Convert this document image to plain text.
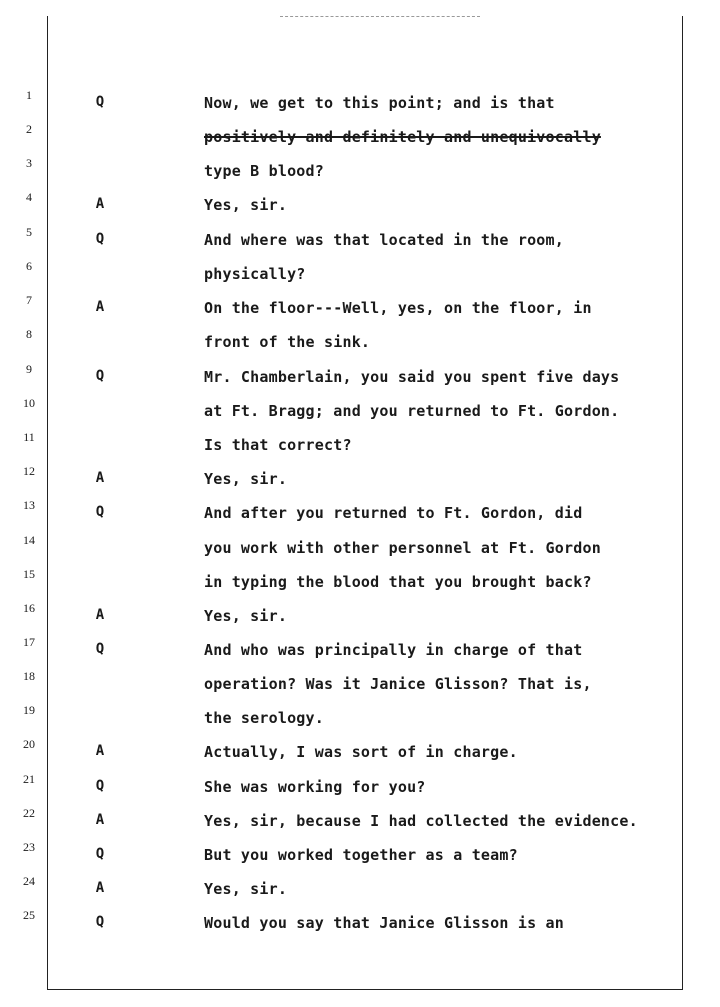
1	Q	Now, we get to this point; and is that
2	positively and definitely and unequivocally
3	type B blood?
4	A	Yes, sir.
5	Q	And where was that located in the room,
6	physically?
7	A	On the floor---Well, yes, on the floor, in
8	front of the sink.
9	Q	Mr. Chamberlain, you said you spent five days
10	at Ft. Bragg; and you returned to Ft. Gordon.
11	Is that correct?
12	A	Yes, sir.
13	Q	And after you returned to Ft. Gordon, did
14	you work with other personnel at Ft. Gordon
15	in typing the blood that you brought back?
16	A	Yes, sir.
17	Q	And who was principally in charge of that
18	operation? Was it Janice Glisson? That is,
19	the serology.
20	A	Actually, I was sort of in charge.
21	Q	She was working for you?
22	A	Yes, sir, because I had collected the evidence.
23	Q	But you worked together as a team?
24	A	Yes, sir.
25	Q	Would you say that Janice Glisson is an
